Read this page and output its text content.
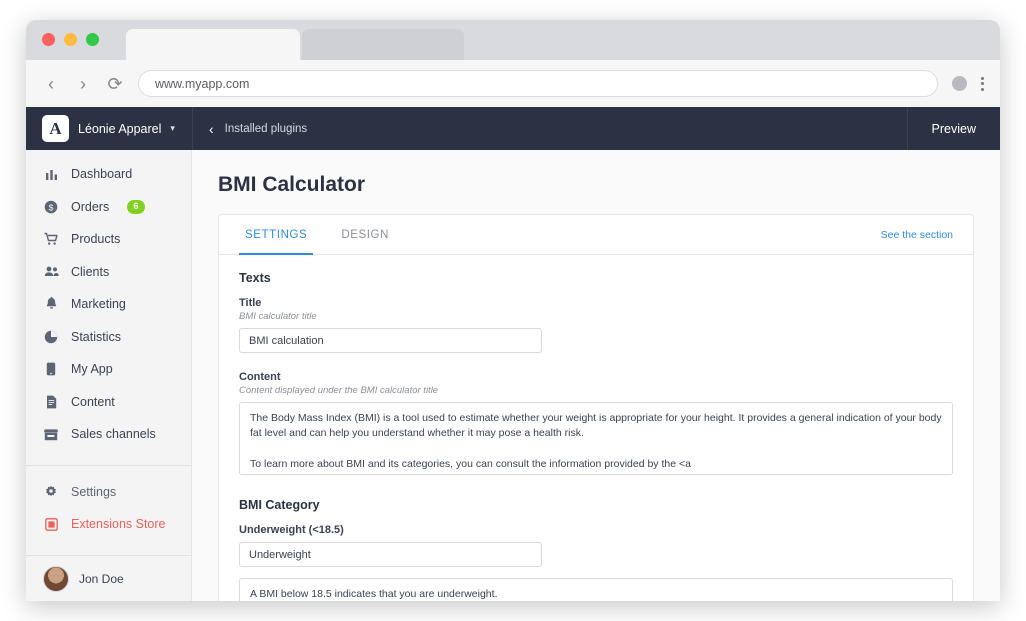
‹	›	⟳	www.myapp.com
A	Léonie Apparel ▾ ‹ Installed plugins	Preview
Dashboard
$ Orders	6
Products
Clients
Marketing
Statistics
My App
Content
Sales channels
Settings
Extensions Store
Jon Doe
BMI Calculator
SETTINGS	DESIGN	See the section
Texts
Title
BMI calculator title
BMI calculation
Content
Content displayed under the BMI calculator title
The Body Mass Index (BMI) is a tool used to estimate whether your weight is appropriate for your height. It provides a general indication of your body fat level and can help you understand whether it may pose a health risk. To learn more about BMI and its categories, you can consult the information provided by the <a href="https://www.who.int/data/gho/data/themes/topics/GHO/body-mass-index">World Health Organization (WHO)</a>.
BMI Category
Underweight (<18.5)
Underweight
A BMI below 18.5 indicates that you are underweight.
